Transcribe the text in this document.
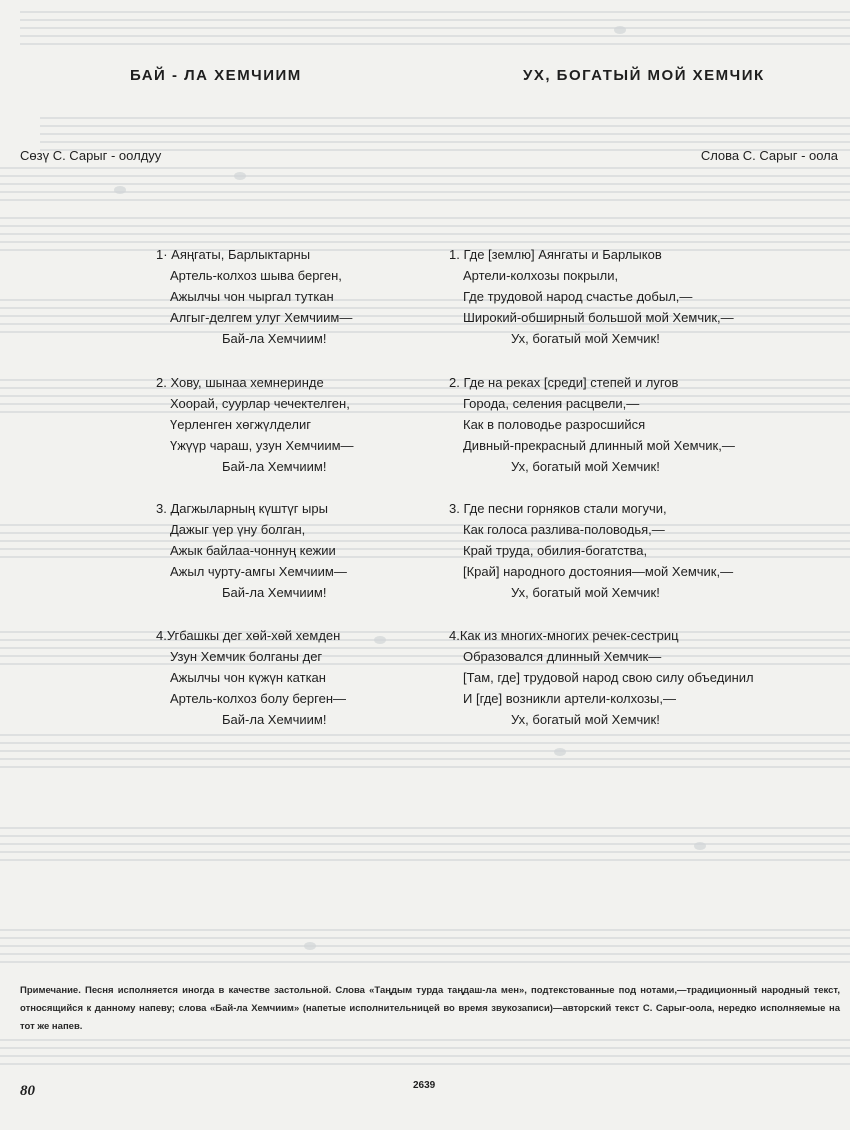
БАЙ - ЛА ХЕМЧИИМ	УХ, БОГАТЫЙ МОЙ ХЕМЧИК
Сөзү С. Сарыг - оолдуу	Слова С. Сарыг - оола
1· Аяңгаты, Барлыктарны
Артель-колхоз шыва берген,
Ажылчы чон чыргал туткан
Алгыг-делгем улуг Хемчиим—
Бай-ла Хемчиим!
2. Хову, шынаа хемнеринде
Хоорай, суурлар чечектелген,
Үерленген хөгжүлделиг
Үжүүр чараш, узун Хемчиим—
Бай-ла Хемчиим!
3. Дагжыларның күштүг ыры
Дажыг үер үну болган,
Ажык байлаа-чоннуң кежии
Ажыл чурту-амгы Хемчиим—
Бай-ла Хемчиим!
4.Угбашкы дег хөй-хөй хемден
Узун Хемчик болганы дег
Ажылчы чон күжүн каткан
Артель-колхоз болу берген—
Бай-ла Хемчиим!
1. Где [землю] Аянгаты и Барлыков
Артели-колхозы покрыли,
Где трудовой народ счастье добыл,—
Широкий-обширный большой мой Хемчик,—
Ух, богатый мой Хемчик!
2. Где на реках [среди] степей и лугов
Города, селения расцвели,—
Как в половодье разросшийся
Дивный-прекрасный длинный мой Хемчик,—
Ух, богатый мой Хемчик!
3. Где песни горняков стали могучи,
Как голоса разлива-половодья,—
Край труда, обилия-богатства,
[Край] народного достояния—мой Хемчик,—
Ух, богатый мой Хемчик!
4.Как из многих-многих речек-сестриц
Образовался длинный Хемчик—
[Там, где] трудовой народ свою силу объединил
И [где] возникли артели-колхозы,—
Ух, богатый мой Хемчик!
Примечание. Песня исполняется иногда в качестве застольной. Слова «Таңдым турда таңдаш-ла мен», подтекстованные под нотами,—традиционный народный текст, относящийся к данному напеву; слова «Бай-ла Хемчиим» (напетые исполнительницей во время звукозаписи)—авторский текст С. Сарыг-оола, нередко исполняемые на тот же напев.
80	2639
